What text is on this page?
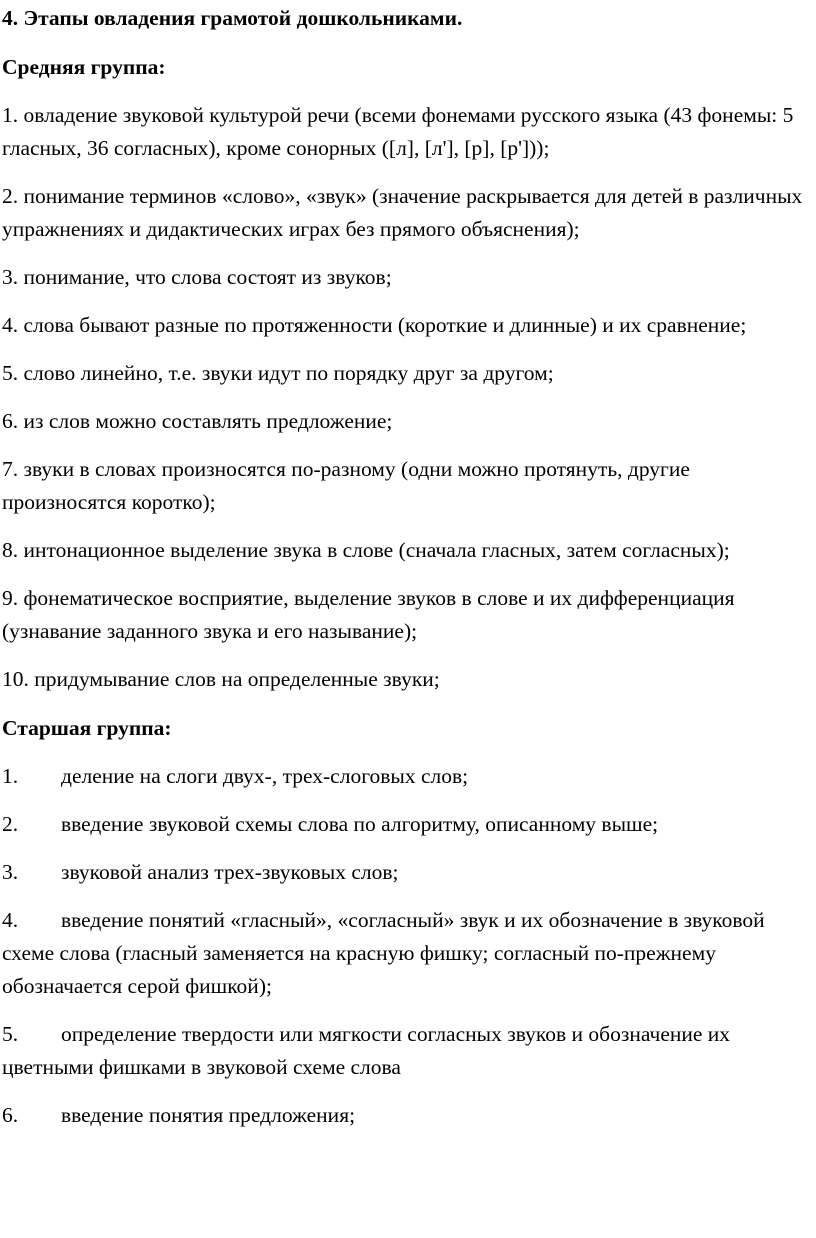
4. Этапы овладения грамотой дошкольниками.

Средняя группа:

1. овладение звуковой культурой речи (всеми фонемами русского языка (43 фонемы: 5 гласных, 36 согласных), кроме сонорных ([л], [л'], [р], [р']));

2. понимание терминов «слово», «звук» (значение раскрывается для детей в различных упражнениях и дидактических играх без прямого объяснения);

3. понимание, что слова состоят из звуков;

4. слова бывают разные по протяженности (короткие и длинные) и их сравнение;

5. слово линейно, т.е. звуки идут по порядку друг за другом;

6. из слов можно составлять предложение;

7. звуки в словах произносятся по-разному (одни можно протянуть, другие произносятся коротко);

8. интонационное выделение звука в слове (сначала гласных, затем согласных);

9. фонематическое восприятие, выделение звуков в слове и их дифференциация (узнавание заданного звука и его называние);

10. придумывание слов на определенные звуки;

Старшая группа:

1. деление на слоги двух-, трех-слоговых слов;

2. введение звуковой схемы слова по алгоритму, описанному выше;

3. звуковой анализ трех-звуковых слов;

4. введение понятий «гласный», «согласный» звук и их обозначение в звуковой схеме слова (гласный заменяется на красную фишку; согласный по-прежнему обозначается серой фишкой);

5. определение твердости или мягкости согласных звуков и обозначение их цветными фишками в звуковой схеме слова

6. введение понятия предложения;
